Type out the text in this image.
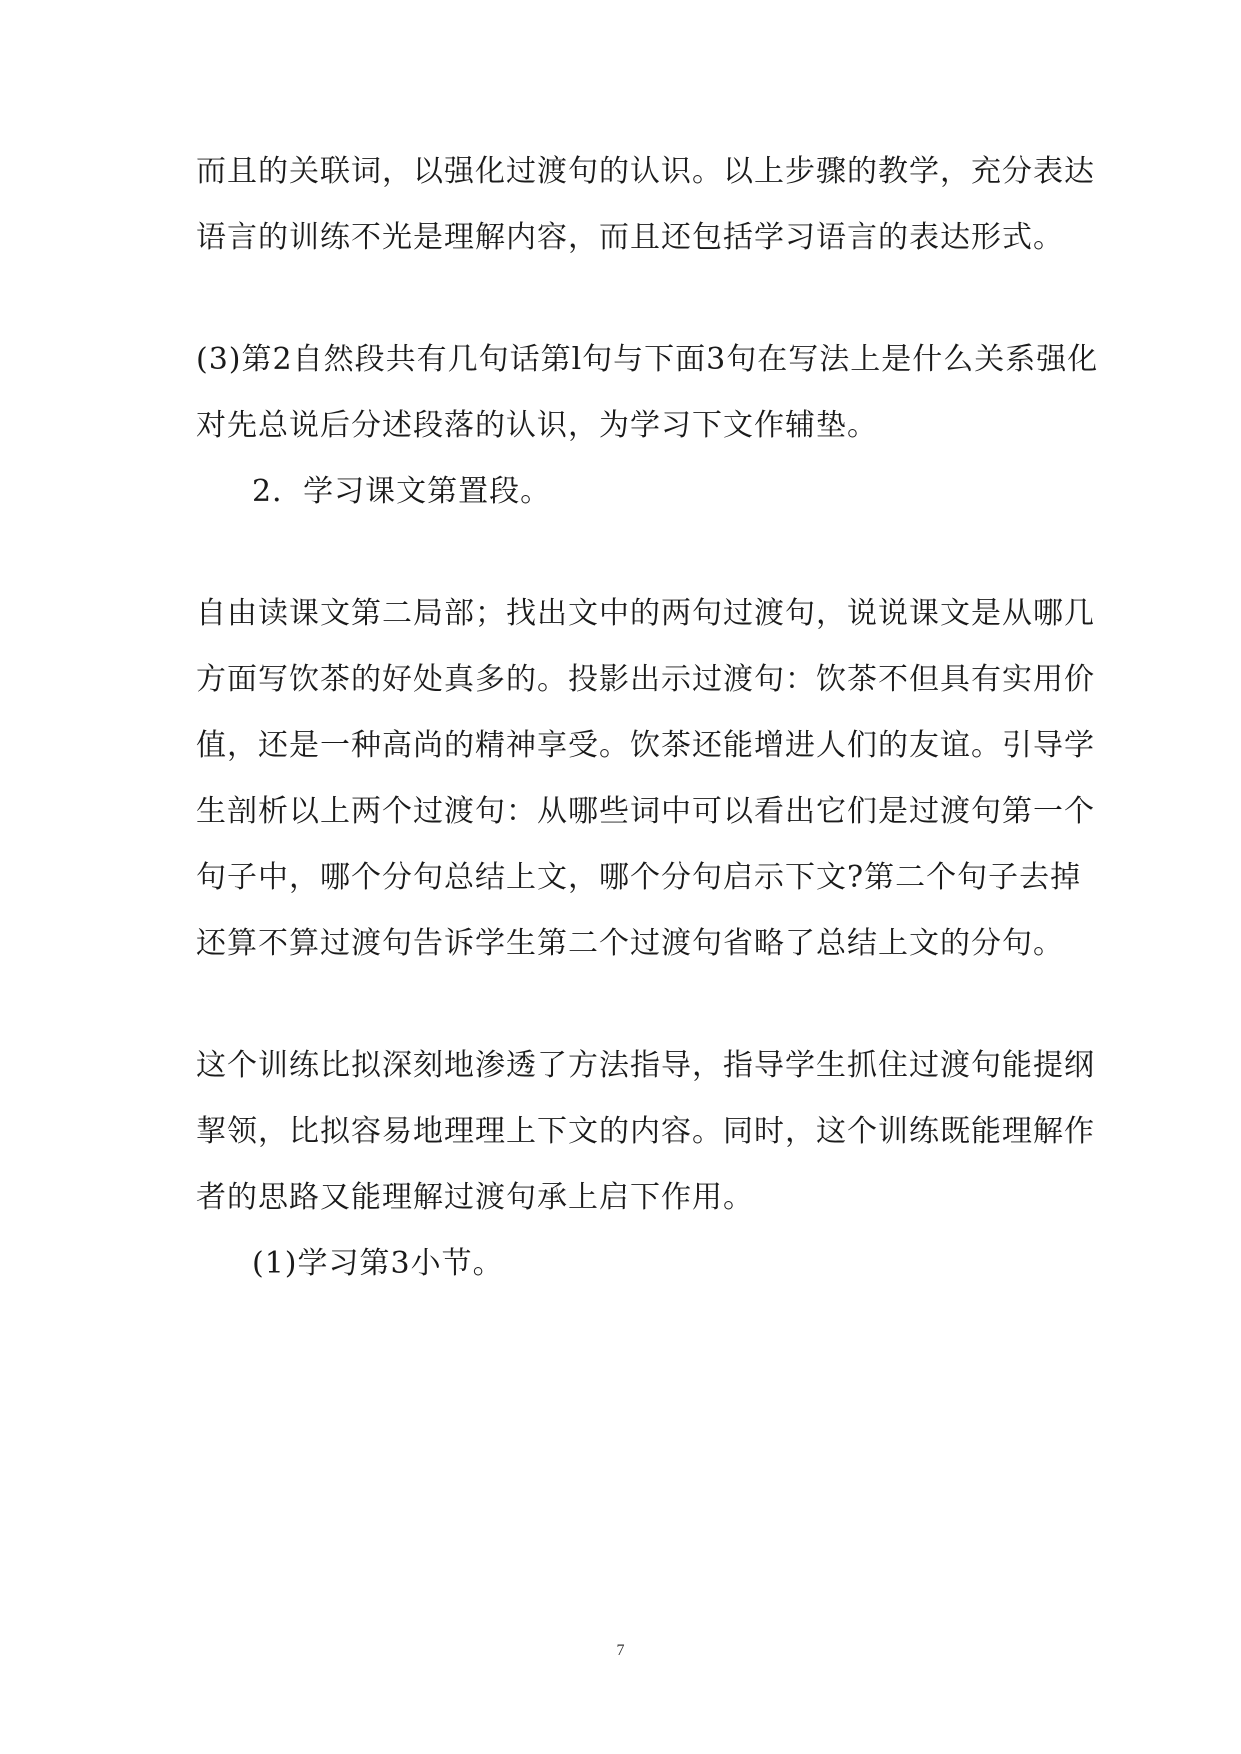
而且的关联词，以强化过渡句的认识。以上步骤的教学，充分表达
语言的训练不光是理解内容，而且还包括学习语言的表达形式。
(3)第2自然段共有几句话第l句与下面3句在写法上是什么关系强化
对先总说后分述段落的认识，为学习下文作辅垫。
2．学习课文第置段。
自由读课文第二局部；找出文中的两句过渡句，说说课文是从哪几
方面写饮茶的好处真多的。投影出示过渡句：饮茶不但具有实用价
值，还是一种高尚的精神享受。饮茶还能增进人们的友谊。引导学
生剖析以上两个过渡句：从哪些词中可以看出它们是过渡句第一个
句子中，哪个分句总结上文，哪个分句启示下文?第二个句子去掉
还算不算过渡句告诉学生第二个过渡句省略了总结上文的分句。
这个训练比拟深刻地渗透了方法指导，指导学生抓住过渡句能提纲
挈领，比拟容易地理理上下文的内容。同时，这个训练既能理解作
者的思路又能理解过渡句承上启下作用。
(1)学习第3小节。
7
